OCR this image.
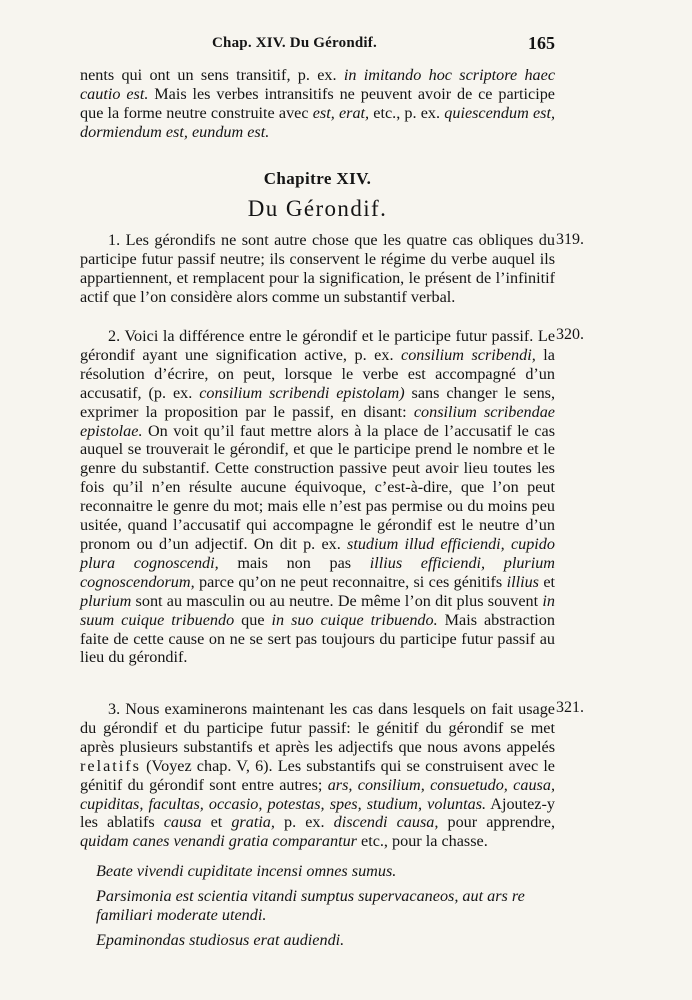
Chap. XIV. Du Gérondif.	165

nents qui ont un sens transitif, p. ex. in imitando hoc scriptore haec cautio est. Mais les verbes intransitifs ne peuvent avoir de ce participe que la forme neutre construite avec est, erat, etc., p. ex. quiescendum est, dormiendum est, eundum est.

Chapitre XIV.
Du Gérondif.

1. Les gérondifs ne sont autre chose que les quatre cas obliques du participe futur passif neutre; ils conservent le régime du verbe auquel ils appartiennent, et remplacent pour la signification, le présent de l’infinitif actif que l’on considère alors comme un substantif verbal.

319.

2. Voici la différence entre le gérondif et le participe futur passif. Le gérondif ayant une signification active, p. ex. consilium scribendi, la résolution d’écrire, on peut, lorsque le verbe est accompagné d’un accusatif, (p. ex. consilium scribendi epistolam) sans changer le sens, exprimer la proposition par le passif, en disant: consilium scribendae epistolae. On voit qu’il faut mettre alors à la place de l’accusatif le cas auquel se trouverait le gérondif, et que le participe prend le nombre et le genre du substantif. Cette construction passive peut avoir lieu toutes les fois qu’il n’en résulte aucune équivoque, c’est-à-dire, que l’on peut reconnaitre le genre du mot; mais elle n’est pas permise ou du moins peu usitée, quand l’accusatif qui accompagne le gérondif est le neutre d’un pronom ou d’un adjectif. On dit p. ex. studium illud efficiendi, cupido plura cognoscendi, mais non pas illius efficiendi, plurium cognoscendorum, parce qu’on ne peut reconnaitre, si ces génitifs illius et plurium sont au masculin ou au neutre. De même l’on dit plus souvent in suum cuique tribuendo que in suo cuique tribuendo. Mais abstraction faite de cette cause on ne se sert pas toujours du participe futur passif au lieu du gérondif.

320.

3. Nous examinerons maintenant les cas dans lesquels on fait usage du gérondif et du participe futur passif: le génitif du gérondif se met après plusieurs substantifs et après les adjectifs que nous avons appelés relatifs (Voyez chap. V, 6). Les substantifs qui se construisent avec le génitif du gérondif sont entre autres; ars, consilium, consuetudo, causa, cupiditas, facultas, occasio, potestas, spes, studium, voluntas. Ajoutez-y les ablatifs causa et gratia, p. ex. discendi causa, pour apprendre, quidam canes venandi gratia comparantur etc., pour la chasse.

321.

Beate vivendi cupiditate incensi omnes sumus.

Parsimonia est scientia vitandi sumptus supervacaneos, aut ars re familiari moderate utendi.

Epaminondas studiosus erat audiendi.
